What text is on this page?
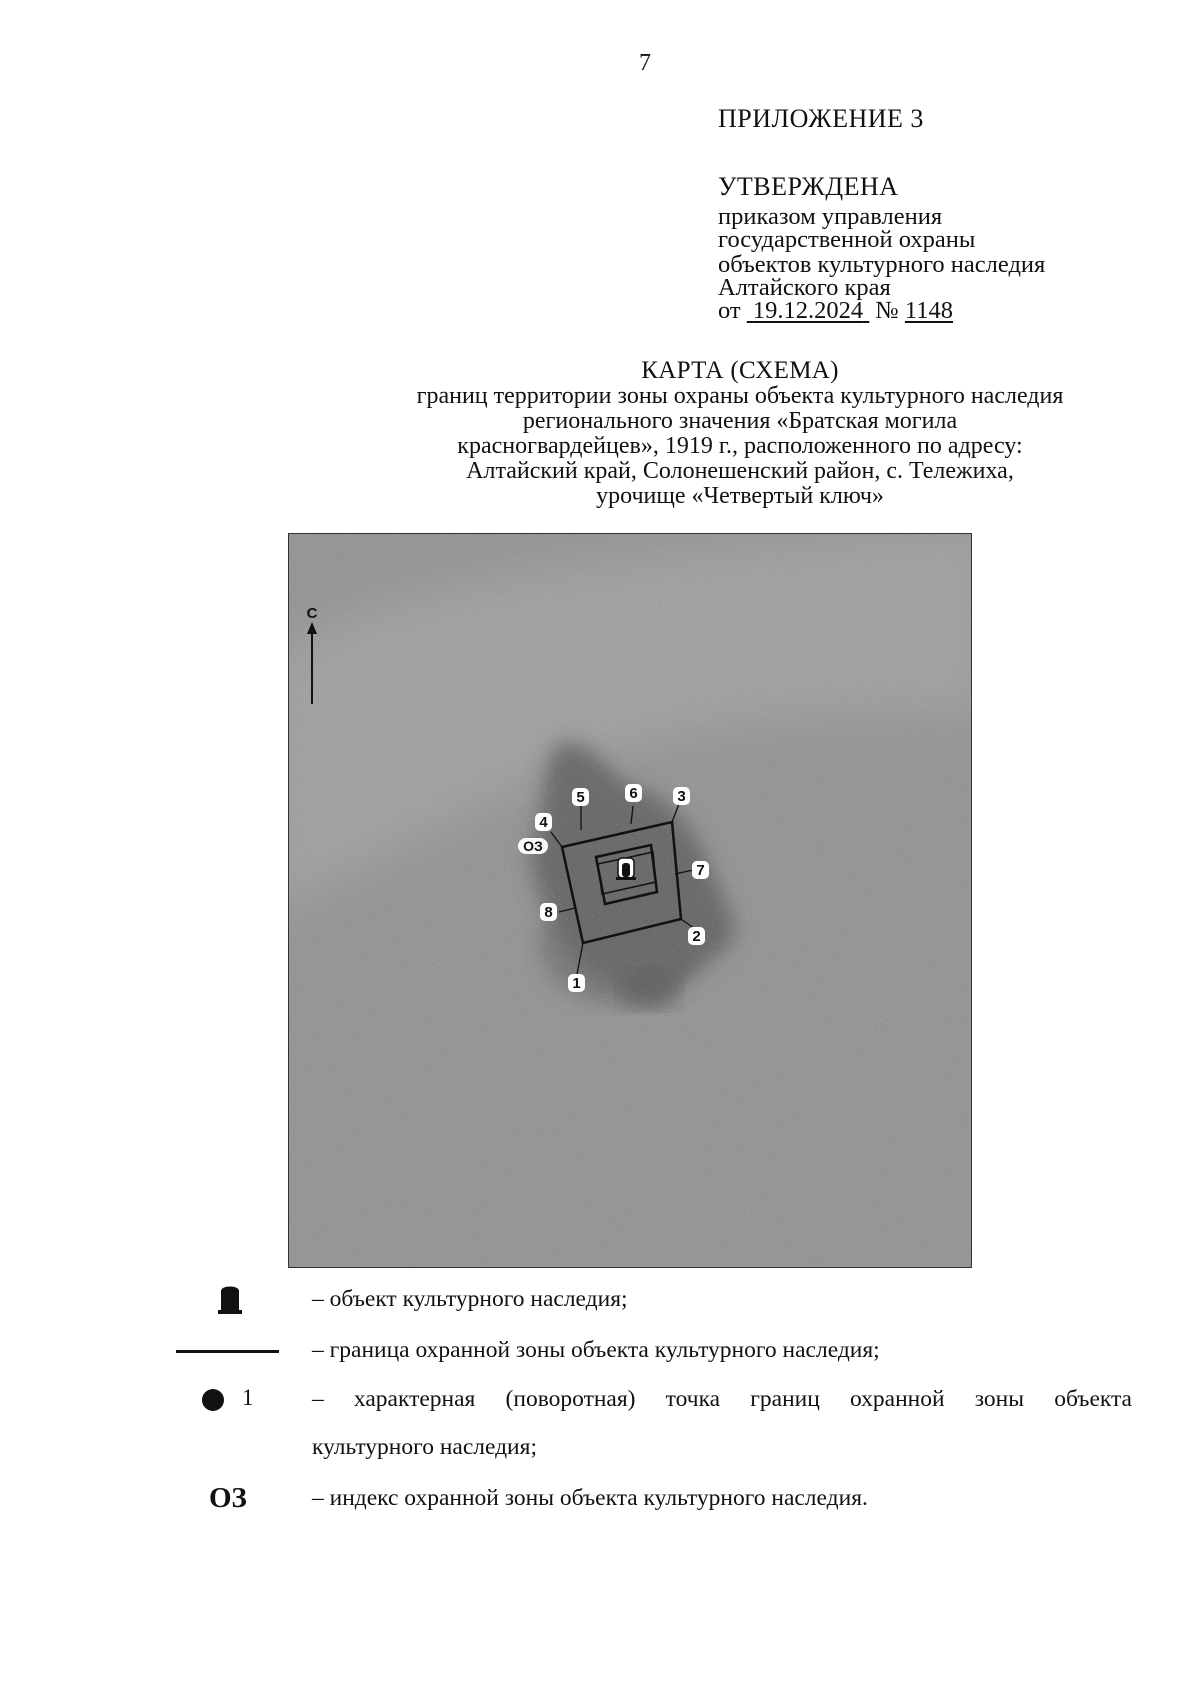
7
ПРИЛОЖЕНИЕ 3
УТВЕРЖДЕНА
приказом управления
государственной охраны
объектов культурного наследия
Алтайского края
от 19.12.2024 № 1148
КАРТА (СХЕМА)
границ территории зоны охраны объекта культурного наследия
регионального значения «Братская могила
красногвардейцев», 1919 г., расположенного по адресу:
Алтайский край, Солонешенский район, с. Тележиха,
урочище «Четвертый ключ»
С
ОЗ
1
2
3
4
5	6
7
8
– объект культурного наследия;
– граница охранной зоны объекта культурного наследия;
1 – характерная (поворотная) точка границ охранной зоны объекта
культурного наследия;
ОЗ	– индекс охранной зоны объекта культурного наследия.
